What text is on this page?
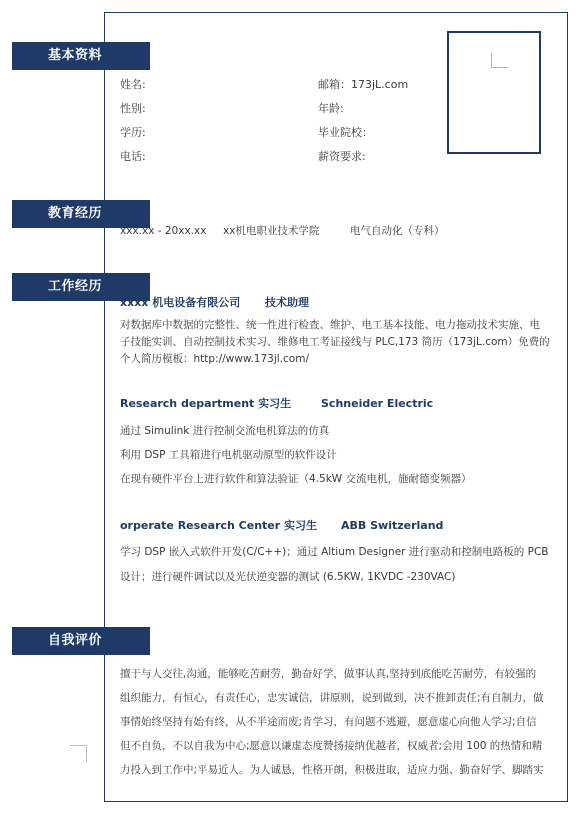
基本资料
姓名:	邮箱：173jL.com
性别:	年龄:
学历:	毕业院校：
电话:	薪资要求:
教育经历
xxx.xx - 20xx.xx xx机电职业技术学院	电气自动化（专科）
工作经历
xxxx 机电设备有限公司 技术助理
对数据库中数据的完整性、统一性进行检查、维护、电工基本技能、电力拖动技术实施、电
子技能实训、自动控制技术实习、维修电工考证接线与 PLC,173 简历（173jL.com）免费的
个人简历模板：http://www.173jl.com/
Research department 实习生	Schneider Electric
通过 Simulink 进行控制交流电机算法的仿真
利用 DSP 工具箱进行电机驱动原型的软件设计
在现有硬件平台上进行软件和算法验证（4.5kW 交流电机，施耐德变频器）
orperate Research Center 实习生 ABB Switzerland
学习 DSP 嵌入式软件开发(C/C++)；通过 Altium Designer 进行驱动和控制电路板的 PCB
设计；进行硬件调试以及光伏逆变器的测试 (6.5KW, 1KVDC -230VAC)
自我评价
擅于与人交往,沟通，能够吃苦耐劳，勤奋好学，做事认真,坚持到底能吃苦耐劳，有较强的
组织能力，有恒心，有责任心，忠实诚信，讲原则，说到做到，决不推卸责任;有自制力，做
事情始终坚持有始有终，从不半途而废;肯学习，有问题不逃避，愿意虚心向他人学习;自信
但不自负，不以自我为中心;愿意以谦虚态度赞扬接纳优越者，权威者;会用 100 的热情和精
力投入到工作中;平易近人。为人诚恳，性格开朗，积极进取，适应力强、勤奋好学、脚踏实
